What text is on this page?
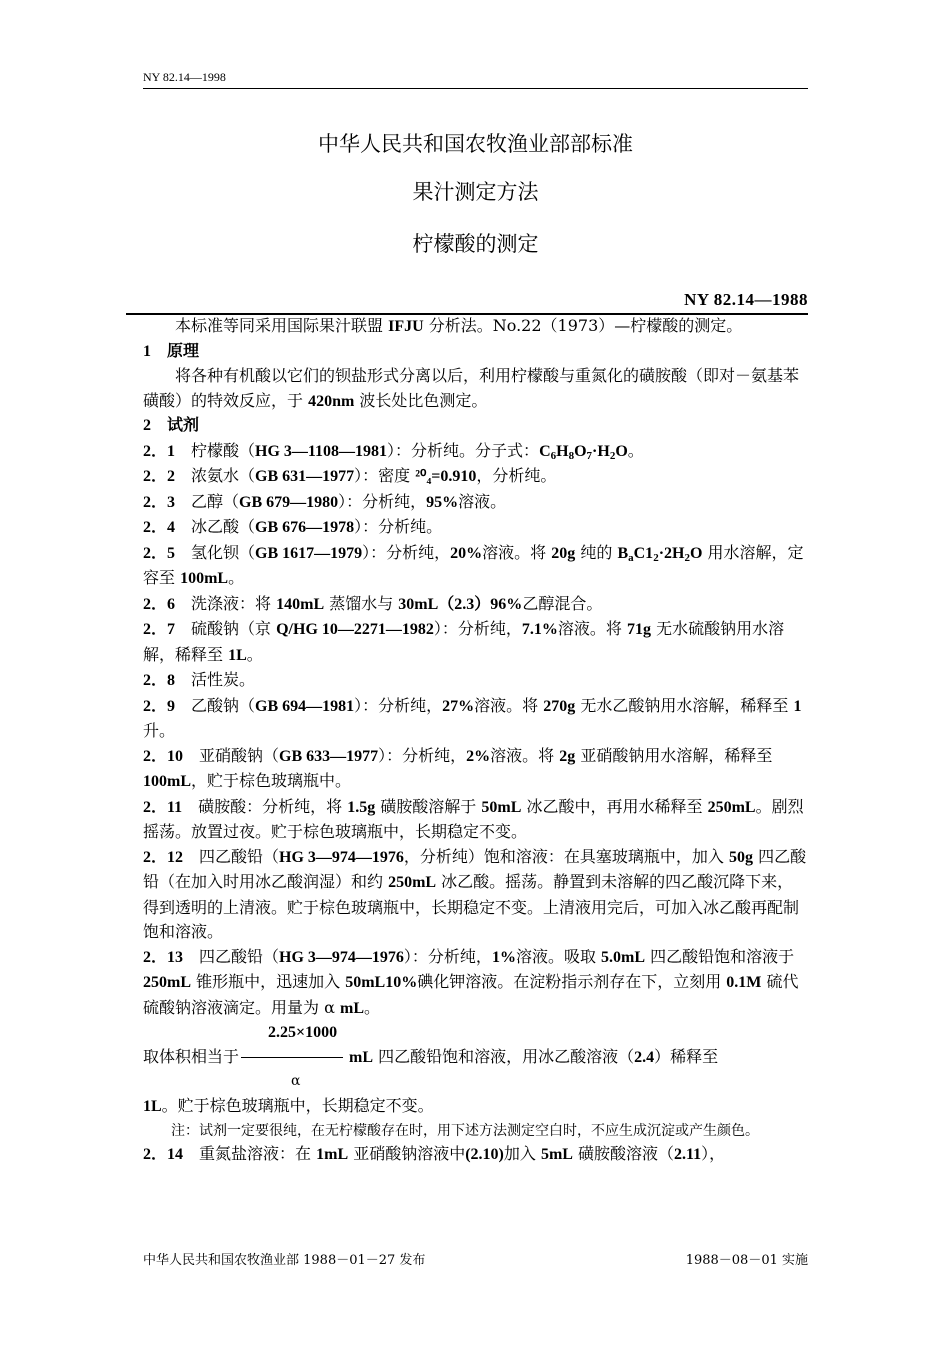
NY 82.14—1998
中华人民共和国农牧渔业部部标准
果汁测定方法
柠檬酸的测定
NY 82.14—1988

本标准等同采用国际果汁联盟 IFJU 分析法。No.22（1973）—柠檬酸的测定。

1　原理

将各种有机酸以它们的钡盐形式分离以后，利用柠檬酸与重氮化的磺胺酸（即对－氨基苯磺酸）的特效反应，于 420nm 波长处比色测定。

2　试剂

2．1　柠檬酸（HG 3—1108—1981）：分析纯。分子式：$C_6H_8O_7\cdot H_2O$。

2．2　浓氨水（GB 631—1977）：密度 ²⁰₄=0.910，分析纯。

2．3　乙醇（GB 679—1980）：分析纯，95%溶液。

2．4　冰乙酸（GB 676—1978）：分析纯。

2．5　氢化钡（GB 1617—1979）：分析纯，20%溶液。将 20g 纯的 $B_aC1_2\cdot 2H_2O$ 用水溶解，定容至 100mL。

2．6　洗涤液：将 140mL 蒸馏水与 30mL（2.3）96%乙醇混合。

2．7　硫酸钠（京 Q/HG 10—2271—1982）：分析纯，7.1%溶液。将 71g 无水硫酸钠用水溶解，稀释至 1L。

2．8　活性炭。

2．9　乙酸钠（GB 694—1981）：分析纯，27%溶液。将 270g 无水乙酸钠用水溶解，稀释至 1 升。

2．10　亚硝酸钠（GB 633—1977）：分析纯，2%溶液。将 2g 亚硝酸钠用水溶解，稀释至 100mL，贮于棕色玻璃瓶中。

2．11　磺胺酸：分析纯，将 1.5g 磺胺酸溶解于 50mL 冰乙酸中，再用水稀释至 250mL。剧烈摇荡。放置过夜。贮于棕色玻璃瓶中，长期稳定不变。

2．12　四乙酸铅（HG 3—974—1976，分析纯）饱和溶液：在具塞玻璃瓶中，加入 50g 四乙酸铅（在加入时用冰乙酸润湿）和约 250mL 冰乙酸。摇荡。静置到未溶解的四乙酸沉降下来，得到透明的上清液。贮于棕色玻璃瓶中，长期稳定不变。上清液用完后，可加入冰乙酸再配制饱和溶液。

2．13　四乙酸铅（HG 3—974—1976）：分析纯，1%溶液。吸取 5.0mL 四乙酸铅饱和溶液于 250mL 锥形瓶中，迅速加入 50mL10%碘化钾溶液。在淀粉指示剂存在下，立刻用 0.1M 硫代硫酸钠溶液滴定。用量为 α mL。

2.25×1000
取体积相当于	mL 四乙酸铅饱和溶液，用冰乙酸溶液（2.4）稀释至
α

1L。贮于棕色玻璃瓶中，长期稳定不变。

注：试剂一定要很纯，在无柠檬酸存在时，用下述方法测定空白时，不应生成沉淀或产生颜色。

2．14　重氮盐溶液：在 1mL 亚硝酸钠溶液中(2.10)加入 5mL 磺胺酸溶液（2.11），

中华人民共和国农牧渔业部 1988－01－27 发布	1988－08－01 实施
